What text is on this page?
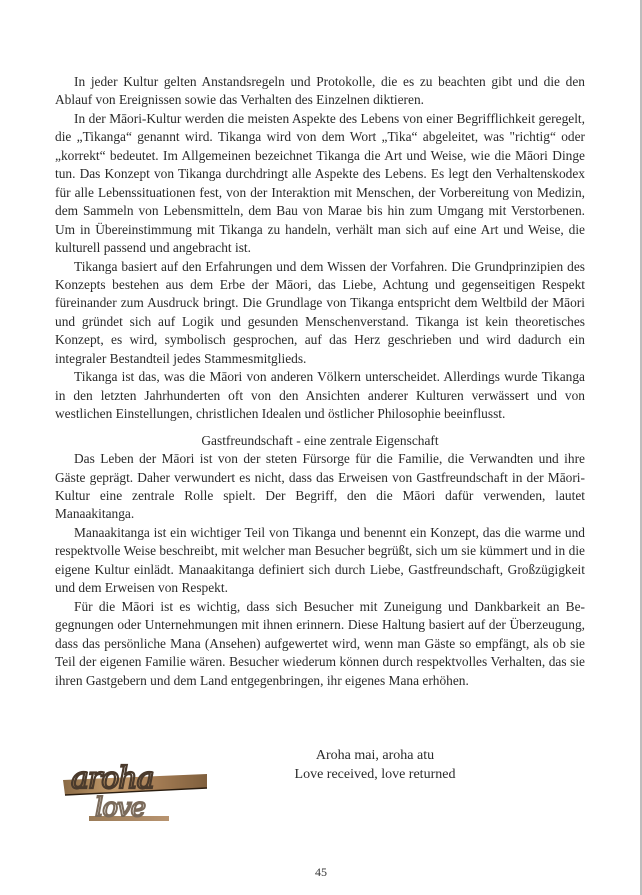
In jeder Kultur gelten Anstandsregeln und Protokolle, die es zu beachten gibt und die den Ablauf von Ereignissen sowie das Verhalten des Einzelnen diktieren.

In der Māori-Kultur werden die meisten Aspekte des Lebens von einer Begrifflichkeit geregelt, die „Tikanga“ genannt wird. Tikanga wird von dem Wort „Tika“ abgeleitet, was "richtig“ oder „korrekt“ bedeutet. Im Allgemeinen bezeichnet Tikanga die Art und Weise, wie die Māori Dinge tun. Das Konzept von Tikanga durchdringt alle Aspekte des Lebens. Es legt den Verhaltenskodex für alle Lebenssituationen fest, von der Interaktion mit Menschen, der Vorbereitung von Medizin, dem Sammeln von Lebensmitteln, dem Bau von Marae bis hin zum Umgang mit Verstorbenen. Um in Übereinstimmung mit Tikanga zu handeln, verhält man sich auf eine Art und Weise, die kulturell passend und angebracht ist.

Tikanga basiert auf den Erfahrungen und dem Wissen der Vorfahren. Die Grundprinzipien des Konzepts bestehen aus dem Erbe der Māori, das Liebe, Achtung und gegenseitigen Respekt füreinander zum Ausdruck bringt. Die Grundlage von Tikanga entspricht dem Weltbild der Māori und gründet sich auf Logik und gesunden Menschenverstand. Tikanga ist kein theoretisches Konzept, es wird, symbolisch gesprochen, auf das Herz geschrieben und wird dadurch ein integraler Bestandteil jedes Stammesmitglieds.

Tikanga ist das, was die Māori von anderen Völkern unterscheidet. Allerdings wurde Tikanga in den letzten Jahrhunderten oft von den Ansichten anderer Kulturen verwässert und von westlichen Einstellungen, christlichen Idealen und östlicher Philosophie beeinflusst.

Gastfreundschaft - eine zentrale Eigenschaft

Das Leben der Māori ist von der steten Fürsorge für die Familie, die Verwandten und ihre Gäste geprägt. Daher verwundert es nicht, dass das Erweisen von Gastfreundschaft in der Māori-Kultur eine zentrale Rolle spielt. Der Begriff, den die Māori dafür verwenden, lautet Manaakitanga.

Manaakitanga ist ein wichtiger Teil von Tikanga und benennt ein Konzept, das die warme und respektvolle Weise beschreibt, mit welcher man Besucher begrüßt, sich um sie kümmert und in die eigene Kultur einlädt. Manaakitanga definiert sich durch Liebe, Gastfreundschaft, Großzügigkeit und dem Erweisen von Respekt.

Für die Māori ist es wichtig, dass sich Besucher mit Zuneigung und Dankbarkeit an Begegnungen oder Unternehmungen mit ihnen erinnern. Diese Haltung basiert auf der Überzeugung, dass das persönliche Mana (Ansehen) aufgewertet wird, wenn man Gäste so empfängt, als ob sie Teil der eigenen Familie wären. Besucher wiederum können durch respektvolles Verhalten, das sie ihren Gastgebern und dem Land entgegenbringen, ihr eigenes Mana erhöhen.

aroha
love
Aroha mai, aroha atu
Love received, love returned
45
